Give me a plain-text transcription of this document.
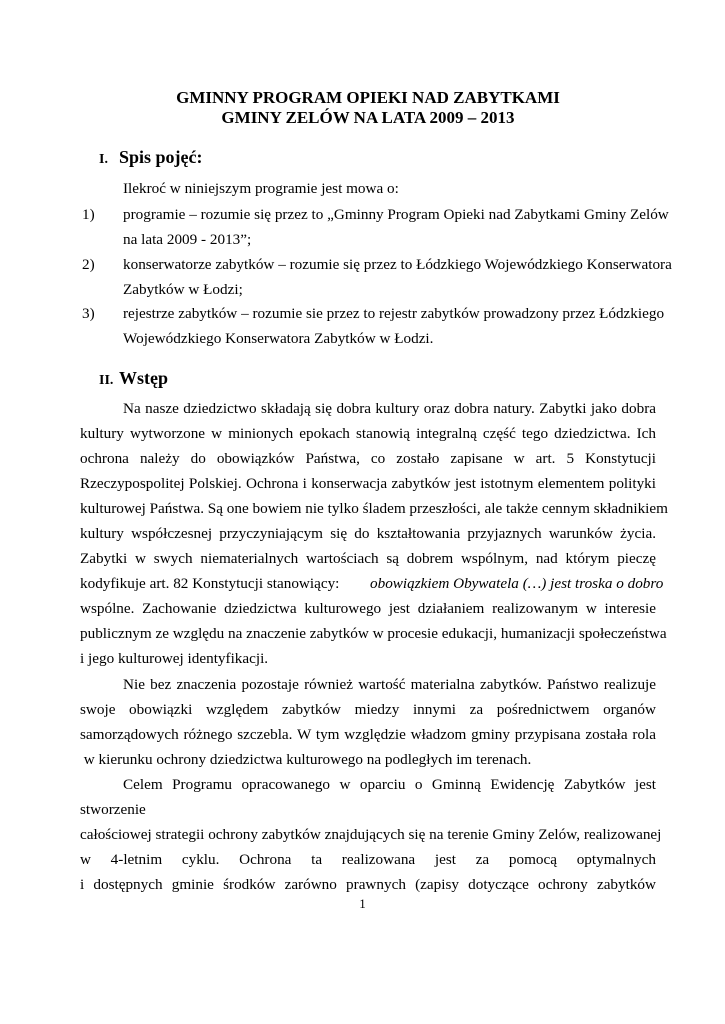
GMINNY PROGRAM OPIEKI NAD ZABYTKAMI
GMINY ZELÓW NA LATA 2009 – 2013
I. Spis pojęć:
Ilekroć w niniejszym programie jest mowa o:
1) programie – rozumie się przez to „Gminny Program Opieki nad Zabytkami Gminy Zelów
na lata 2009 - 2013”;
2) konserwatorze zabytków – rozumie się przez to Łódzkiego Wojewódzkiego Konserwatora
Zabytków w Łodzi;
3) rejestrze zabytków – rozumie sie przez to rejestr zabytków prowadzony przez Łódzkiego
Wojewódzkiego Konserwatora Zabytków w Łodzi.
II. Wstęp
Na nasze dziedzictwo składają się dobra kultury oraz dobra natury. Zabytki jako dobra
kultury wytworzone w minionych epokach stanowią integralną część tego dziedzictwa. Ich
ochrona należy do obowiązków Państwa, co zostało zapisane w art. 5 Konstytucji
Rzeczypospolitej Polskiej. Ochrona i konserwacja zabytków jest istotnym elementem polityki
kulturowej Państwa. Są one bowiem nie tylko śladem przeszłości, ale także cennym składnikiem
kultury współczesnej przyczyniającym się do kształtowania przyjaznych warunków życia.
Zabytki w swych niematerialnych wartościach są dobrem wspólnym, nad którym pieczę
kodyfikuje art. 82 Konstytucji stanowiący: obowiązkiem Obywatela (…) jest troska o dobro
wspólne. Zachowanie dziedzictwa kulturowego jest działaniem realizowanym w interesie
publicznym ze względu na znaczenie zabytków w procesie edukacji, humanizacji społeczeństwa
i jego kulturowej identyfikacji.
Nie bez znaczenia pozostaje również wartość materialna zabytków. Państwo realizuje
swoje obowiązki względem zabytków miedzy innymi za pośrednictwem organów
samorządowych różnego szczebla. W tym względzie władzom gminy przypisana została rola
w kierunku ochrony dziedzictwa kulturowego na podległych im terenach.
Celem Programu opracowanego w oparciu o Gminną Ewidencję Zabytków jest
stworzenie
całościowej strategii ochrony zabytków znajdujących się na terenie Gminy Zelów, realizowanej
w 4-letnim cyklu. Ochrona ta realizowana jest za pomocą optymalnych
i dostępnych gminie środków zarówno prawnych (zapisy dotyczące ochrony zabytków
1
